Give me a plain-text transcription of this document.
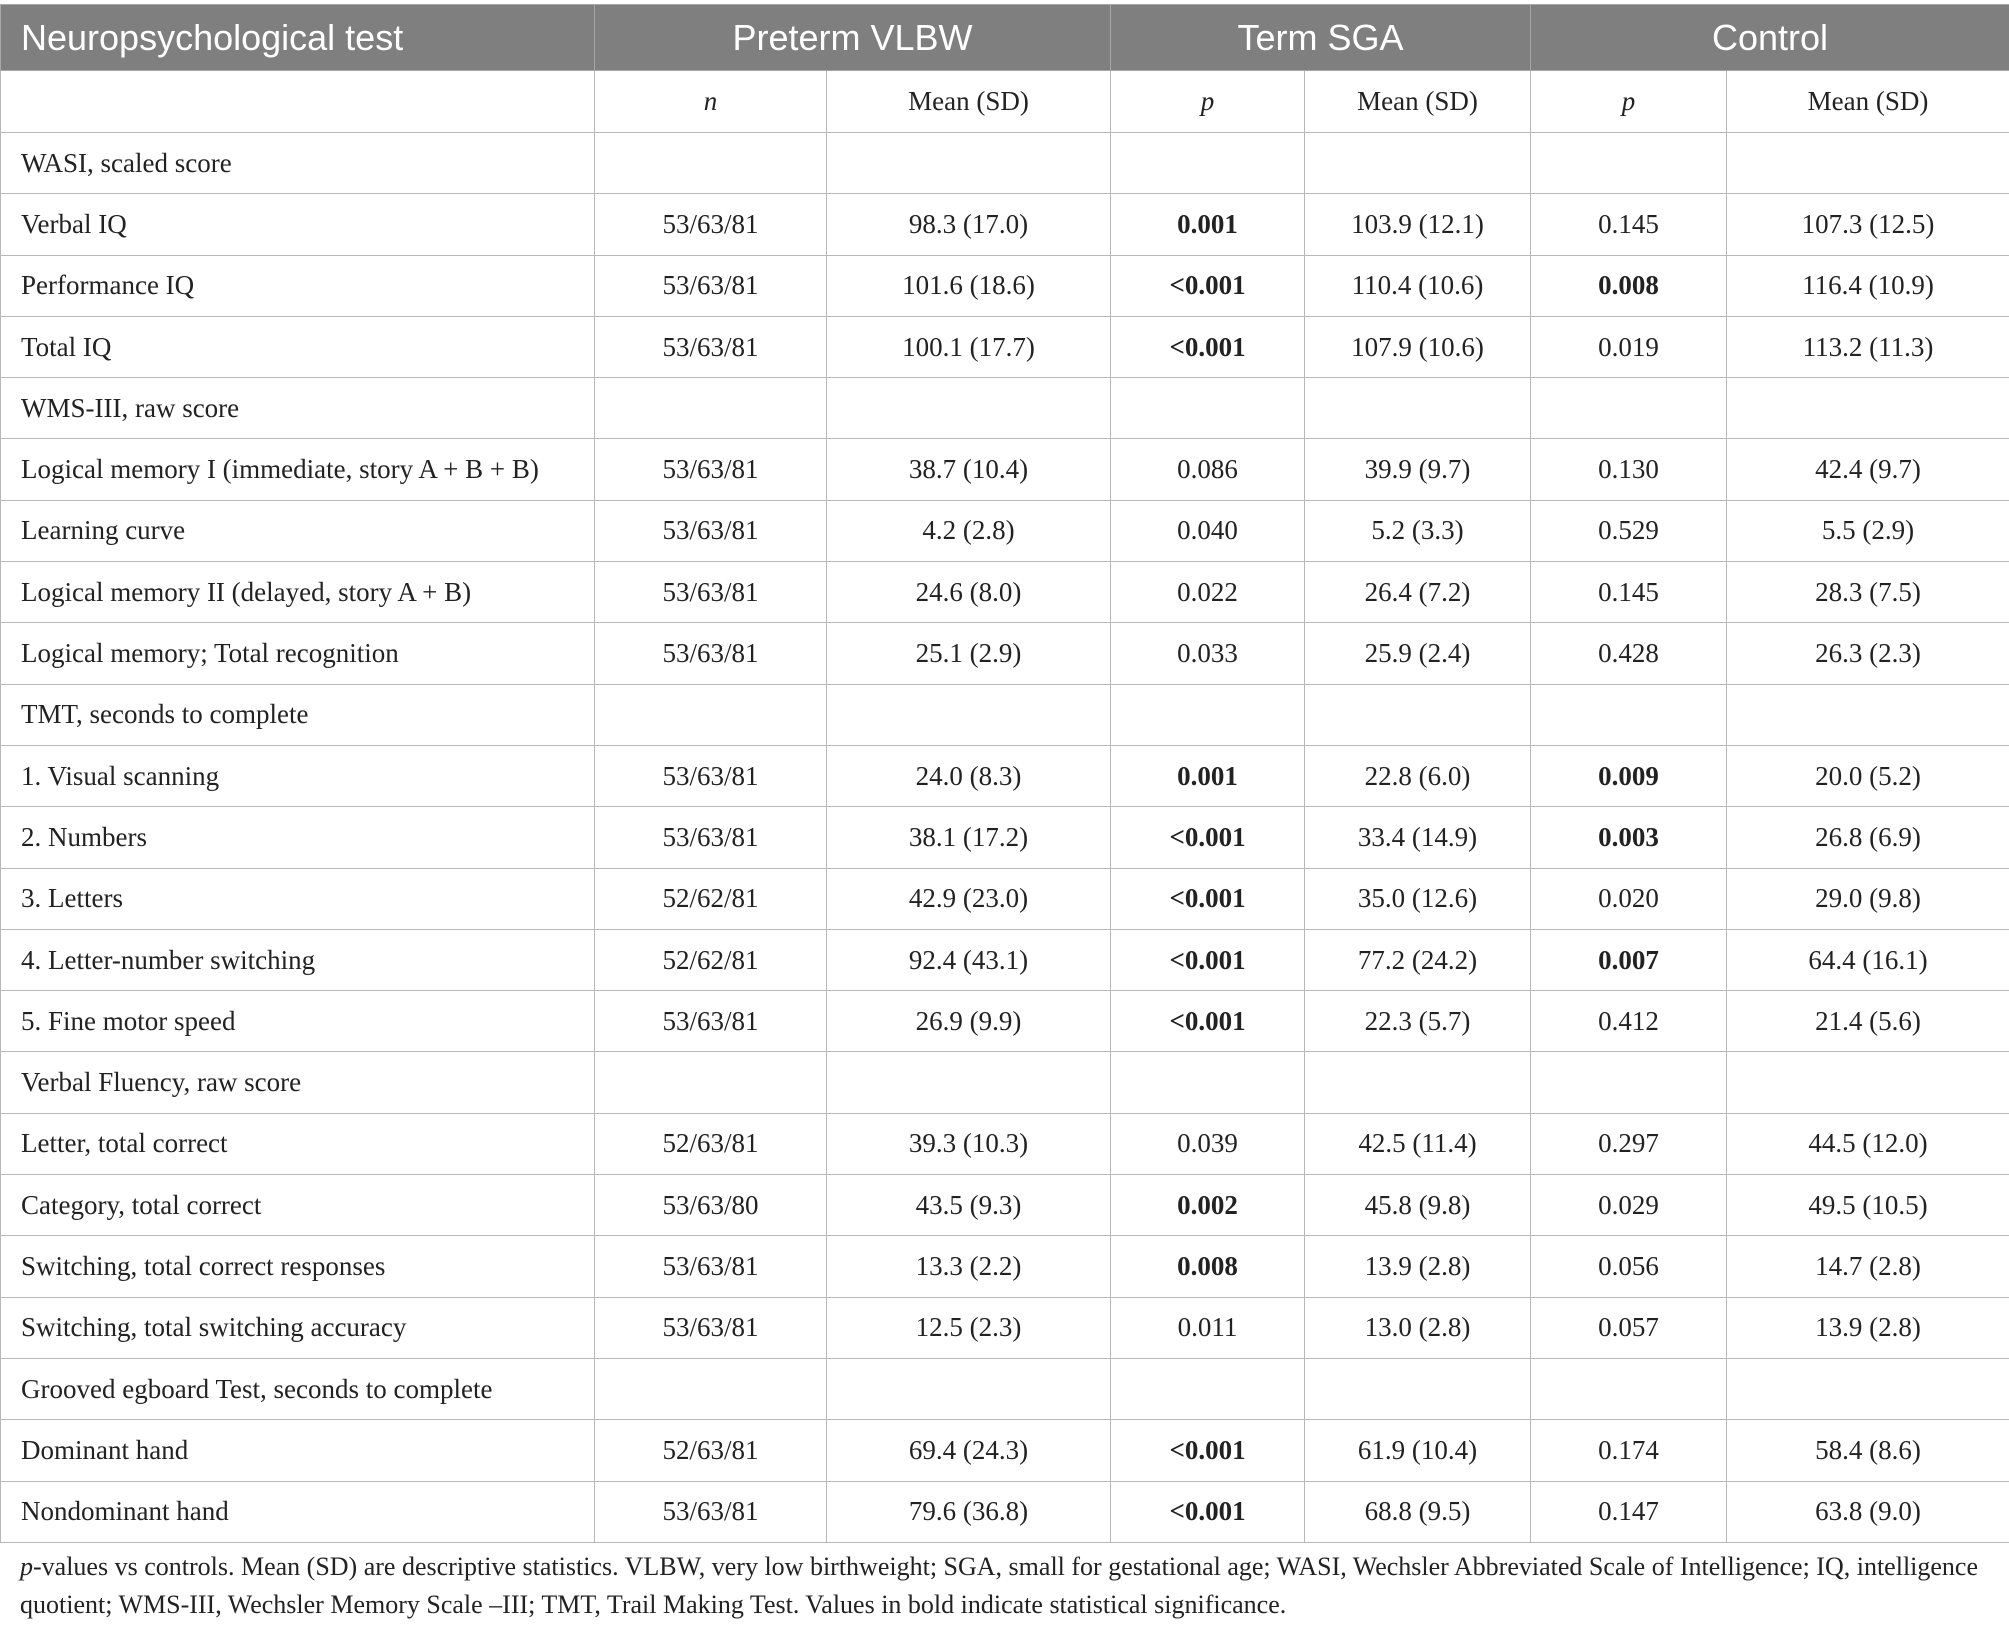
Neuropsychological test	Preterm VLBW		Term SGA		Control	
	n	Mean (SD)	p	Mean (SD)	p	Mean (SD)
WASI, scaled score						
Verbal IQ	53/63/81	98.3 (17.0)	0.001	103.9 (12.1)	0.145	107.3 (12.5)
Performance IQ	53/63/81	101.6 (18.6)	<0.001	110.4 (10.6)	0.008	116.4 (10.9)
Total IQ	53/63/81	100.1 (17.7)	<0.001	107.9 (10.6)	0.019	113.2 (11.3)
WMS-III, raw score						
Logical memory I (immediate, story A + B + B)	53/63/81	38.7 (10.4)	0.086	39.9 (9.7)	0.130	42.4 (9.7)
Learning curve	53/63/81	4.2 (2.8)	0.040	5.2 (3.3)	0.529	5.5 (2.9)
Logical memory II (delayed, story A + B)	53/63/81	24.6 (8.0)	0.022	26.4 (7.2)	0.145	28.3 (7.5)
Logical memory; Total recognition	53/63/81	25.1 (2.9)	0.033	25.9 (2.4)	0.428	26.3 (2.3)
TMT, seconds to complete						
1. Visual scanning	53/63/81	24.0 (8.3)	0.001	22.8 (6.0)	0.009	20.0 (5.2)
2. Numbers	53/63/81	38.1 (17.2)	<0.001	33.4 (14.9)	0.003	26.8 (6.9)
3. Letters	52/62/81	42.9 (23.0)	<0.001	35.0 (12.6)	0.020	29.0 (9.8)
4. Letter-number switching	52/62/81	92.4 (43.1)	<0.001	77.2 (24.2)	0.007	64.4 (16.1)
5. Fine motor speed	53/63/81	26.9 (9.9)	<0.001	22.3 (5.7)	0.412	21.4 (5.6)
Verbal Fluency, raw score						
Letter, total correct	52/63/81	39.3 (10.3)	0.039	42.5 (11.4)	0.297	44.5 (12.0)
Category, total correct	53/63/80	43.5 (9.3)	0.002	45.8 (9.8)	0.029	49.5 (10.5)
Switching, total correct responses	53/63/81	13.3 (2.2)	0.008	13.9 (2.8)	0.056	14.7 (2.8)
Switching, total switching accuracy	53/63/81	12.5 (2.3)	0.011	13.0 (2.8)	0.057	13.9 (2.8)
Grooved egboard Test, seconds to complete						
Dominant hand	52/63/81	69.4 (24.3)	<0.001	61.9 (10.4)	0.174	58.4 (8.6)
Nondominant hand	53/63/81	79.6 (36.8)	<0.001	68.8 (9.5)	0.147	63.8 (9.0)
p-values vs controls. Mean (SD) are descriptive statistics. VLBW, very low birthweight; SGA, small for gestational age; WASI, Wechsler Abbreviated Scale of Intelligence; IQ, intelligence quotient; WMS-III, Wechsler Memory Scale –III; TMT, Trail Making Test. Values in bold indicate statistical significance.
